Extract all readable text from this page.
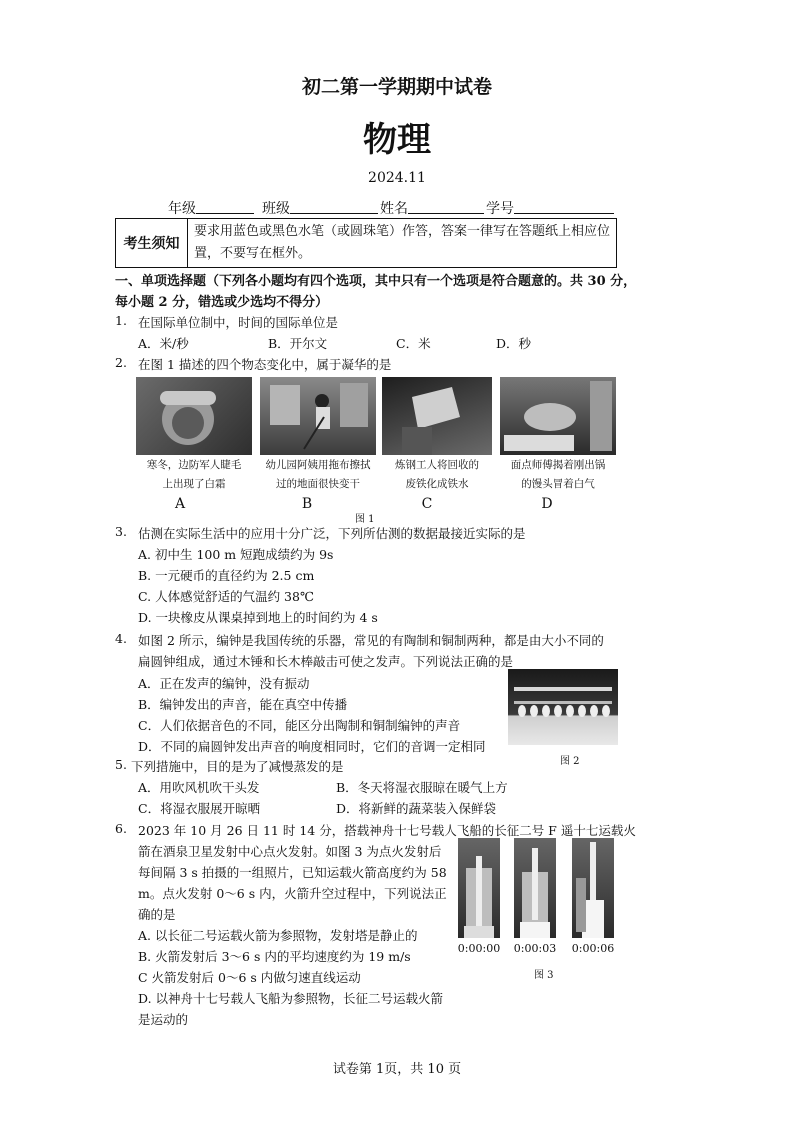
初二第一学期期中试卷
物理
2024.11
年级	班级	姓名	学号
考生须知	
要求用蓝色或黑色水笔（或圆珠笔）作答，答案一律写在答题纸上相应位
置，不要写在框外。
一、单项选择题（下列各小题均有四个选项，其中只有一个选项是符合题意的。共 30 分，
每小题 2 分，错选或少选均不得分）
1. 在国际单位制中，时间的国际单位是
A．米/秒	B．开尔文	C．米	D．秒
2. 在图 1 描述的四个物态变化中，属于凝华的是
寒冬，边防军人睫毛
上出现了白霜
幼儿园阿姨用拖布擦拭
过的地面很快变干
炼钢工人将回收的
废铁化成铁水
面点师傅揭着刚出锅
的馒头冒着白气
A	B	C	D
图 1
3. 估测在实际生活中的应用十分广泛，下列所估测的数据最接近实际的是
A. 初中生 100 m 短跑成绩约为 9s
B. 一元硬币的直径约为 2.5 cm
C. 人体感觉舒适的气温约 38℃
D. 一块橡皮从课桌掉到地上的时间约为 4 s
4. 如图 2 所示，编钟是我国传统的乐器，常见的有陶制和铜制两种，都是由大小不同的
扁圆钟组成，通过木锤和长木棒敲击可使之发声。下列说法正确的是
A．正在发声的编钟，没有振动
B．编钟发出的声音，能在真空中传播
C．人们依据音色的不同，能区分出陶制和铜制编钟的声音
D．不同的扁圆钟发出声音的响度相同时，它们的音调一定相同
图 2
5. 下列措施中，目的是为了减慢蒸发的是
A．用吹风机吹干头发	B．冬天将湿衣服晾在暖气上方
C．将湿衣服展开晾晒	D．将新鲜的蔬菜装入保鲜袋
6. 2023 年 10 月 26 日 11 时 14 分，搭载神舟十七号载人飞船的长征二号 F 遥十七运载火
箭在酒泉卫星发射中心点火发射。如图 3 为点火发射后
每间隔 3 s 拍摄的一组照片，已知运载火箭高度约为 58
m。点火发射 0～6 s 内，火箭升空过程中，下列说法正
确的是
A. 以长征二号运载火箭为参照物，发射塔是静止的
B. 火箭发射后 3～6 s 内的平均速度约为 19 m/s
C 火箭发射后 0～6 s 内做匀速直线运动
D. 以神舟十七号载人飞船为参照物，长征二号运载火箭
是运动的
0:00:00 0:00:03 0:00:06
图 3
试卷第 1页，共 10 页
